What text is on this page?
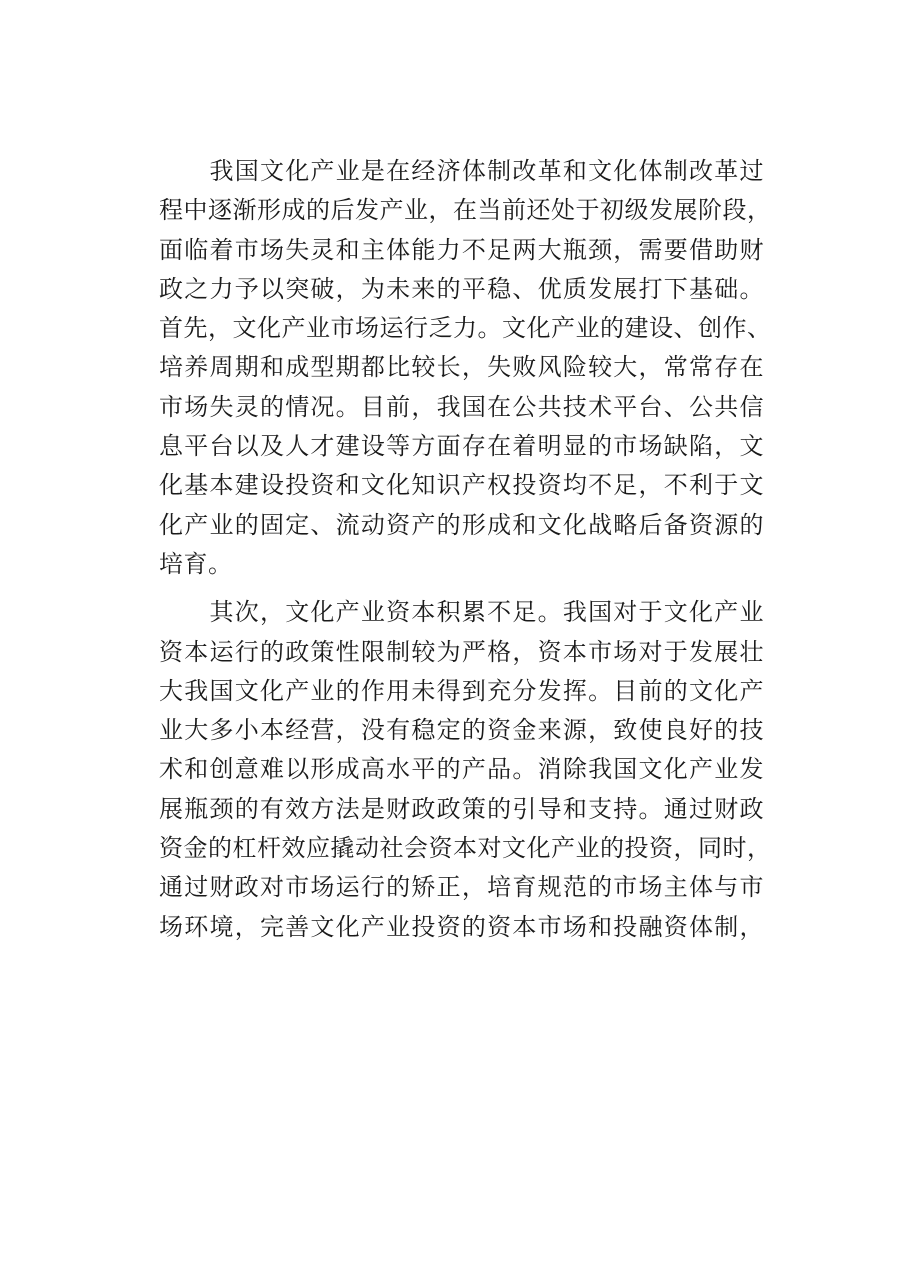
　　我国文化产业是在经济体制改革和文化体制改革过
程中逐渐形成的后发产业，在当前还处于初级发展阶段，
面临着市场失灵和主体能力不足两大瓶颈，需要借助财
政之力予以突破，为未来的平稳、优质发展打下基础。
首先，文化产业市场运行乏力。文化产业的建设、创作、
培养周期和成型期都比较长，失败风险较大，常常存在
市场失灵的情况。目前，我国在公共技术平台、公共信
息平台以及人才建设等方面存在着明显的市场缺陷，文
化基本建设投资和文化知识产权投资均不足，不利于文
化产业的固定、流动资产的形成和文化战略后备资源的
培育。
　　其次，文化产业资本积累不足。我国对于文化产业
资本运行的政策性限制较为严格，资本市场对于发展壮
大我国文化产业的作用未得到充分发挥。目前的文化产
业大多小本经营，没有稳定的资金来源，致使良好的技
术和创意难以形成高水平的产品。消除我国文化产业发
展瓶颈的有效方法是财政政策的引导和支持。通过财政
资金的杠杆效应撬动社会资本对文化产业的投资，同时，
通过财政对市场运行的矫正，培育规范的市场主体与市
场环境，完善文化产业投资的资本市场和投融资体制，
